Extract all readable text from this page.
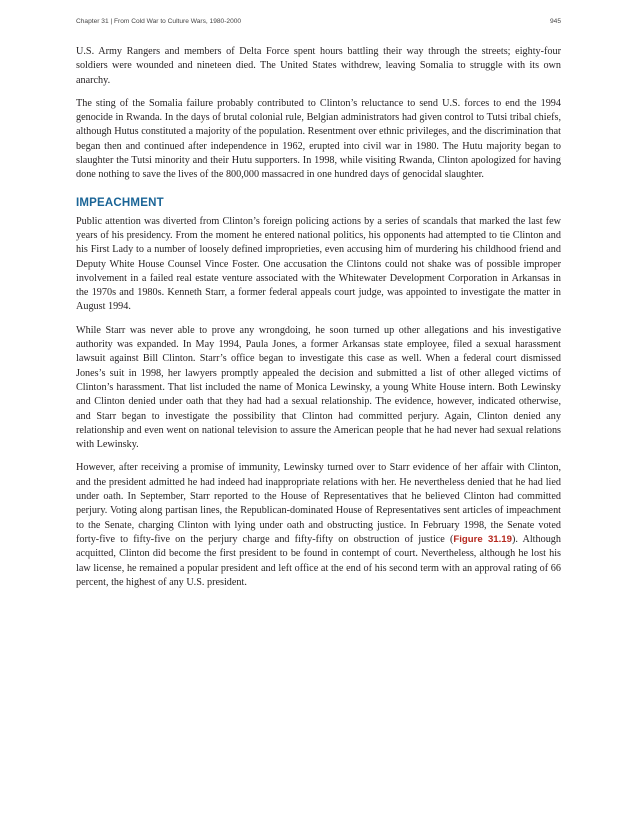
Chapter 31 | From Cold War to Culture Wars, 1980-2000	945

U.S. Army Rangers and members of Delta Force spent hours battling their way through the streets; eighty-four soldiers were wounded and nineteen died. The United States withdrew, leaving Somalia to struggle with its own anarchy.

The sting of the Somalia failure probably contributed to Clinton’s reluctance to send U.S. forces to end the 1994 genocide in Rwanda. In the days of brutal colonial rule, Belgian administrators had given control to Tutsi tribal chiefs, although Hutus constituted a majority of the population. Resentment over ethnic privileges, and the discrimination that began then and continued after independence in 1962, erupted into civil war in 1980. The Hutu majority began to slaughter the Tutsi minority and their Hutu supporters. In 1998, while visiting Rwanda, Clinton apologized for having done nothing to save the lives of the 800,000 massacred in one hundred days of genocidal slaughter.

IMPEACHMENT

Public attention was diverted from Clinton’s foreign policing actions by a series of scandals that marked the last few years of his presidency. From the moment he entered national politics, his opponents had attempted to tie Clinton and his First Lady to a number of loosely defined improprieties, even accusing him of murdering his childhood friend and Deputy White House Counsel Vince Foster. One accusation the Clintons could not shake was of possible improper involvement in a failed real estate venture associated with the Whitewater Development Corporation in Arkansas in the 1970s and 1980s. Kenneth Starr, a former federal appeals court judge, was appointed to investigate the matter in August 1994.

While Starr was never able to prove any wrongdoing, he soon turned up other allegations and his investigative authority was expanded. In May 1994, Paula Jones, a former Arkansas state employee, filed a sexual harassment lawsuit against Bill Clinton. Starr’s office began to investigate this case as well. When a federal court dismissed Jones’s suit in 1998, her lawyers promptly appealed the decision and submitted a list of other alleged victims of Clinton’s harassment. That list included the name of Monica Lewinsky, a young White House intern. Both Lewinsky and Clinton denied under oath that they had had a sexual relationship. The evidence, however, indicated otherwise, and Starr began to investigate the possibility that Clinton had committed perjury. Again, Clinton denied any relationship and even went on national television to assure the American people that he had never had sexual relations with Lewinsky.

However, after receiving a promise of immunity, Lewinsky turned over to Starr evidence of her affair with Clinton, and the president admitted he had indeed had inappropriate relations with her. He nevertheless denied that he had lied under oath. In September, Starr reported to the House of Representatives that he believed Clinton had committed perjury. Voting along partisan lines, the Republican-dominated House of Representatives sent articles of impeachment to the Senate, charging Clinton with lying under oath and obstructing justice. In February 1998, the Senate voted forty-five to fifty-five on the perjury charge and fifty-fifty on obstruction of justice (Figure 31.19). Although acquitted, Clinton did become the first president to be found in contempt of court. Nevertheless, although he lost his law license, he remained a popular president and left office at the end of his second term with an approval rating of 66 percent, the highest of any U.S. president.
